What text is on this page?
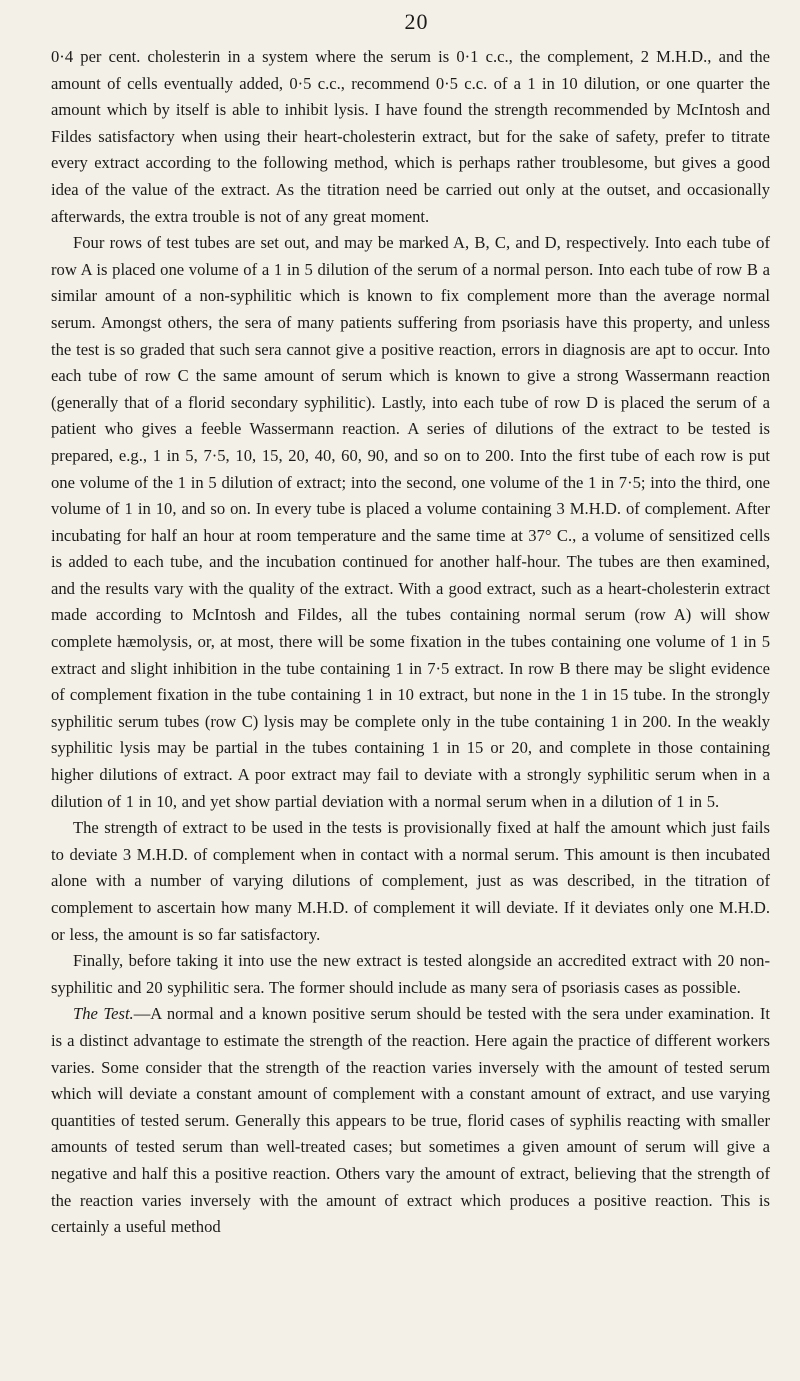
20

0·4 per cent. cholesterin in a system where the serum is 0·1 c.c., the complement, 2 M.H.D., and the amount of cells eventually added, 0·5 c.c., recommend 0·5 c.c. of a 1 in 10 dilution, or one quarter the amount which by itself is able to inhibit lysis. I have found the strength recommended by McIntosh and Fildes satisfactory when using their heart-cholesterin extract, but for the sake of safety, prefer to titrate every extract according to the following method, which is perhaps rather troublesome, but gives a good idea of the value of the extract. As the titration need be carried out only at the outset, and occasionally afterwards, the extra trouble is not of any great moment.

Four rows of test tubes are set out, and may be marked A, B, C, and D, respectively. Into each tube of row A is placed one volume of a 1 in 5 dilution of the serum of a normal person. Into each tube of row B a similar amount of a non-syphilitic which is known to fix complement more than the average normal serum. Amongst others, the sera of many patients suffering from psoriasis have this property, and unless the test is so graded that such sera cannot give a positive reaction, errors in diagnosis are apt to occur. Into each tube of row C the same amount of serum which is known to give a strong Wassermann reaction (generally that of a florid secondary syphilitic). Lastly, into each tube of row D is placed the serum of a patient who gives a feeble Wassermann reaction. A series of dilutions of the extract to be tested is prepared, e.g., 1 in 5, 7·5, 10, 15, 20, 40, 60, 90, and so on to 200. Into the first tube of each row is put one volume of the 1 in 5 dilution of extract; into the second, one volume of the 1 in 7·5; into the third, one volume of 1 in 10, and so on. In every tube is placed a volume containing 3 M.H.D. of complement. After incubating for half an hour at room temperature and the same time at 37° C., a volume of sensitized cells is added to each tube, and the incubation continued for another half-hour. The tubes are then examined, and the results vary with the quality of the extract. With a good extract, such as a heart-cholesterin extract made according to McIntosh and Fildes, all the tubes containing normal serum (row A) will show complete hæmolysis, or, at most, there will be some fixation in the tubes containing one volume of 1 in 5 extract and slight inhibition in the tube containing 1 in 7·5 extract. In row B there may be slight evidence of complement fixation in the tube containing 1 in 10 extract, but none in the 1 in 15 tube. In the strongly syphilitic serum tubes (row C) lysis may be complete only in the tube containing 1 in 200. In the weakly syphilitic lysis may be partial in the tubes containing 1 in 15 or 20, and complete in those containing higher dilutions of extract. A poor extract may fail to deviate with a strongly syphilitic serum when in a dilution of 1 in 10, and yet show partial deviation with a normal serum when in a dilution of 1 in 5.

The strength of extract to be used in the tests is provisionally fixed at half the amount which just fails to deviate 3 M.H.D. of complement when in contact with a normal serum. This amount is then incubated alone with a number of varying dilutions of complement, just as was described, in the titration of complement to ascertain how many M.H.D. of complement it will deviate. If it deviates only one M.H.D. or less, the amount is so far satisfactory.

Finally, before taking it into use the new extract is tested alongside an accredited extract with 20 non-syphilitic and 20 syphilitic sera. The former should include as many sera of psoriasis cases as possible.

The Test.—A normal and a known positive serum should be tested with the sera under examination. It is a distinct advantage to estimate the strength of the reaction. Here again the practice of different workers varies. Some consider that the strength of the reaction varies inversely with the amount of tested serum which will deviate a constant amount of complement with a constant amount of extract, and use varying quantities of tested serum. Generally this appears to be true, florid cases of syphilis reacting with smaller amounts of tested serum than well-treated cases; but sometimes a given amount of serum will give a negative and half this a positive reaction. Others vary the amount of extract, believing that the strength of the reaction varies inversely with the amount of extract which produces a positive reaction. This is certainly a useful method
